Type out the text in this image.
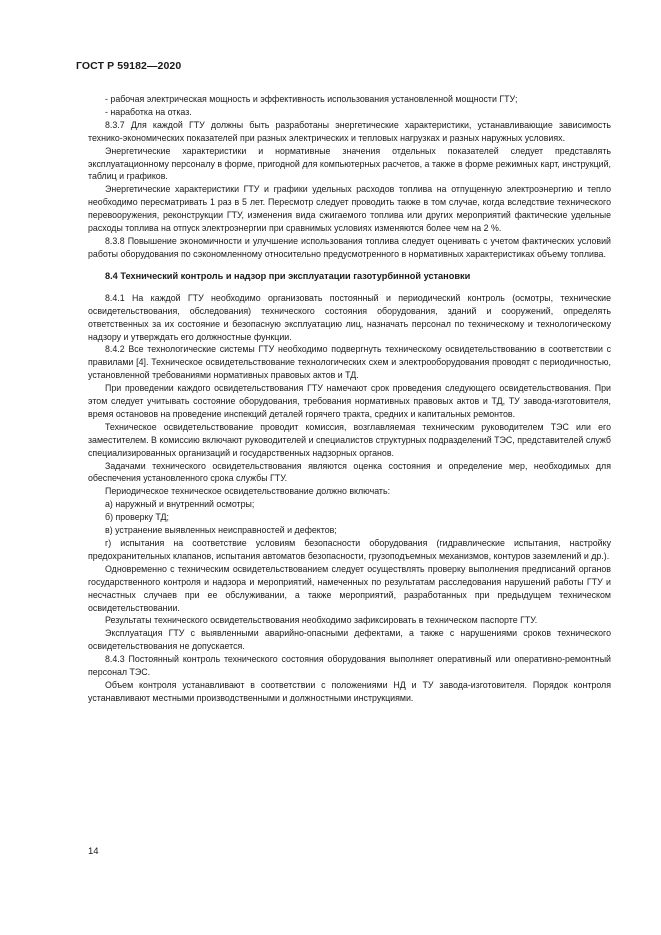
ГОСТ Р 59182—2020

- рабочая электрическая мощность и эффективность использования установленной мощности ГТУ;

- наработка на отказ.

8.3.7 Для каждой ГТУ должны быть разработаны энергетические характеристики, устанавливающие зависимость технико-экономических показателей при разных электрических и тепловых нагрузках и разных наружных условиях.

Энергетические характеристики и нормативные значения отдельных показателей следует представлять эксплуатационному персоналу в форме, пригодной для компьютерных расчетов, а также в форме режимных карт, инструкций, таблиц и графиков.

Энергетические характеристики ГТУ и графики удельных расходов топлива на отпущенную электроэнергию и тепло необходимо пересматривать 1 раз в 5 лет. Пересмотр следует проводить также в том случае, когда вследствие технического перевооружения, реконструкции ГТУ, изменения вида сжигаемого топлива или других мероприятий фактические удельные расходы топлива на отпуск электроэнергии при сравнимых условиях изменяются более чем на 2 %.

8.3.8 Повышение экономичности и улучшение использования топлива следует оценивать с учетом фактических условий работы оборудования по сэкономленному относительно предусмотренного в нормативных характеристиках объему топлива.

8.4 Технический контроль и надзор при эксплуатации газотурбинной установки

8.4.1 На каждой ГТУ необходимо организовать постоянный и периодический контроль (осмотры, технические освидетельствования, обследования) технического состояния оборудования, зданий и сооружений, определять ответственных за их состояние и безопасную эксплуатацию лиц, назначать персонал по техническому и технологическому надзору и утверждать его должностные функции.

8.4.2 Все технологические системы ГТУ необходимо подвергнуть техническому освидетельствованию в соответствии с правилами [4]. Техническое освидетельствование технологических схем и электрооборудования проводят с периодичностью, установленной требованиями нормативных правовых актов и ТД.

При проведении каждого освидетельствования ГТУ намечают срок проведения следующего освидетельствования. При этом следует учитывать состояние оборудования, требования нормативных правовых актов и ТД, ТУ завода-изготовителя, время остановов на проведение инспекций деталей горячего тракта, средних и капитальных ремонтов.

Техническое освидетельствование проводит комиссия, возглавляемая техническим руководителем ТЭС или его заместителем. В комиссию включают руководителей и специалистов структурных подразделений ТЭС, представителей служб специализированных организаций и государственных надзорных органов.

Задачами технического освидетельствования являются оценка состояния и определение мер, необходимых для обеспечения установленного срока службы ГТУ.

Периодическое техническое освидетельствование должно включать:

а) наружный и внутренний осмотры;

б) проверку ТД;

в) устранение выявленных неисправностей и дефектов;

г) испытания на соответствие условиям безопасности оборудования (гидравлические испытания, настройку предохранительных клапанов, испытания автоматов безопасности, грузоподъемных механизмов, контуров заземлений и др.).

Одновременно с техническим освидетельствованием следует осуществлять проверку выполнения предписаний органов государственного контроля и надзора и мероприятий, намеченных по результатам расследования нарушений работы ГТУ и несчастных случаев при ее обслуживании, а также мероприятий, разработанных при предыдущем техническом освидетельствовании.

Результаты технического освидетельствования необходимо зафиксировать в техническом паспорте ГТУ.

Эксплуатация ГТУ с выявленными аварийно-опасными дефектами, а также с нарушениями сроков технического освидетельствования не допускается.

8.4.3 Постоянный контроль технического состояния оборудования выполняет оперативный или оперативно-ремонтный персонал ТЭС.

Объем контроля устанавливают в соответствии с положениями НД и ТУ завода-изготовителя. Порядок контроля устанавливают местными производственными и должностными инструкциями.

14
